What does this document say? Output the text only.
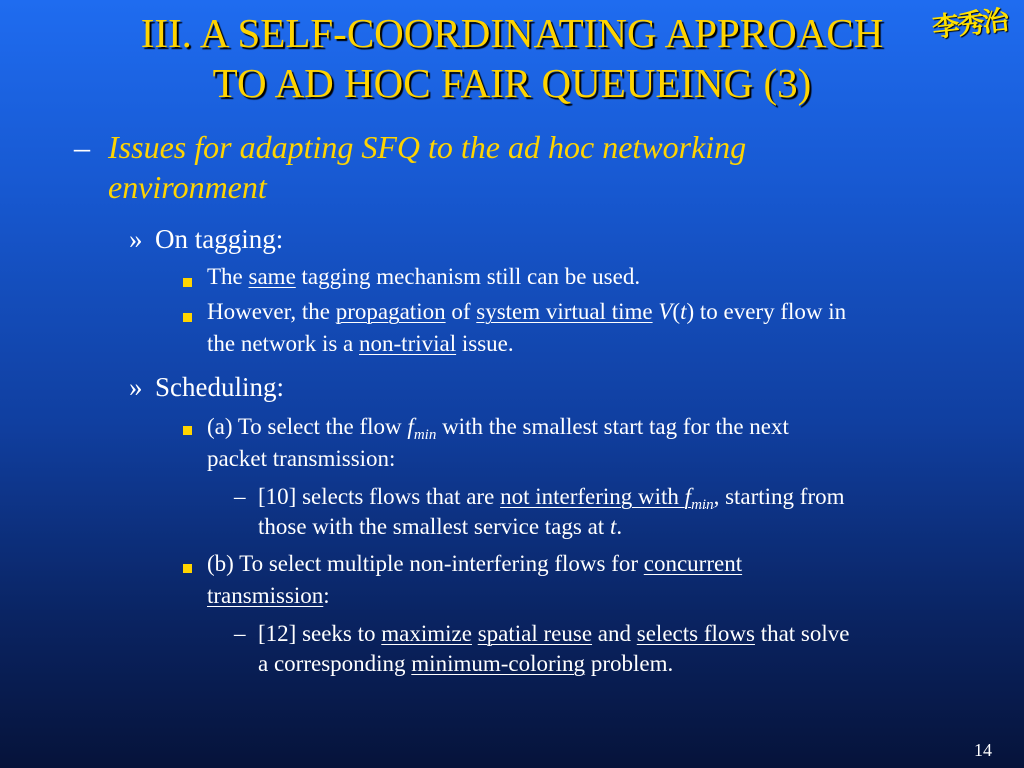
III. A SELF-COORDINATING APPROACH
TO AD HOC FAIR QUEUEING (3)
李秀治
– Issues for adapting SFQ to the ad hoc networking
environment
» On tagging:
The same tagging mechanism still can be used.
However, the propagation of system virtual time V(t) to every flow in
the network is a non-trivial issue.
» Scheduling:
(a) To select the flow $f_{min}$ with the smallest start tag for the next
packet transmission:
– [10] selects flows that are not interfering with $f_{min}$, starting from
those with the smallest service tags at t.
(b) To select multiple non-interfering flows for concurrent
transmission:
– [12] seeks to maximize spatial reuse and selects flows that solve
a corresponding minimum-coloring problem.
14
